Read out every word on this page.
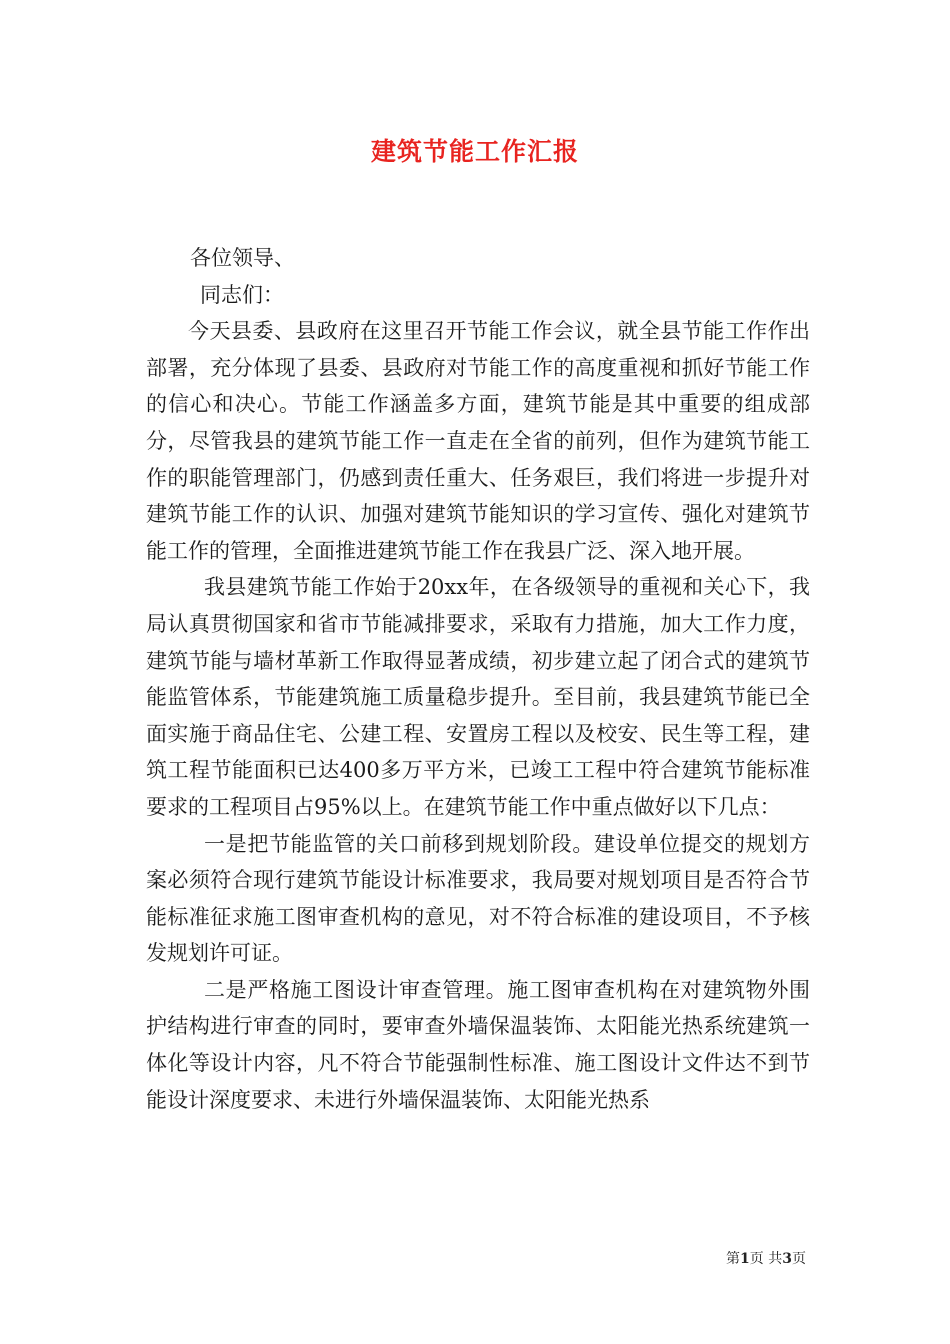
建筑节能工作汇报

各位领导、

同志们：

今天县委、县政府在这里召开节能工作会议，就全县节能工作作出部署，充分体现了县委、县政府对节能工作的高度重视和抓好节能工作的信心和决心。节能工作涵盖多方面，建筑节能是其中重要的组成部分，尽管我县的建筑节能工作一直走在全省的前列，但作为建筑节能工作的职能管理部门，仍感到责任重大、任务艰巨，我们将进一步提升对建筑节能工作的认识、加强对建筑节能知识的学习宣传、强化对建筑节能工作的管理，全面推进建筑节能工作在我县广泛、深入地开展。

我县建筑节能工作始于20xx年，在各级领导的重视和关心下，我局认真贯彻国家和省市节能减排要求，采取有力措施，加大工作力度，建筑节能与墙材革新工作取得显著成绩，初步建立起了闭合式的建筑节能监管体系，节能建筑施工质量稳步提升。至目前，我县建筑节能已全面实施于商品住宅、公建工程、安置房工程以及校安、民生等工程，建筑工程节能面积已达400多万平方米，已竣工工程中符合建筑节能标准要求的工程项目占95%以上。在建筑节能工作中重点做好以下几点：

一是把节能监管的关口前移到规划阶段。建设单位提交的规划方案必须符合现行建筑节能设计标准要求，我局要对规划项目是否符合节能标准征求施工图审查机构的意见，对不符合标准的建设项目，不予核发规划许可证。

二是严格施工图设计审查管理。施工图审查机构在对建筑物外围护结构进行审查的同时，要审查外墙保温装饰、太阳能光热系统建筑一体化等设计内容，凡不符合节能强制性标准、施工图设计文件达不到节能设计深度要求、未进行外墙保温装饰、太阳能光热系

第1页 共3页
